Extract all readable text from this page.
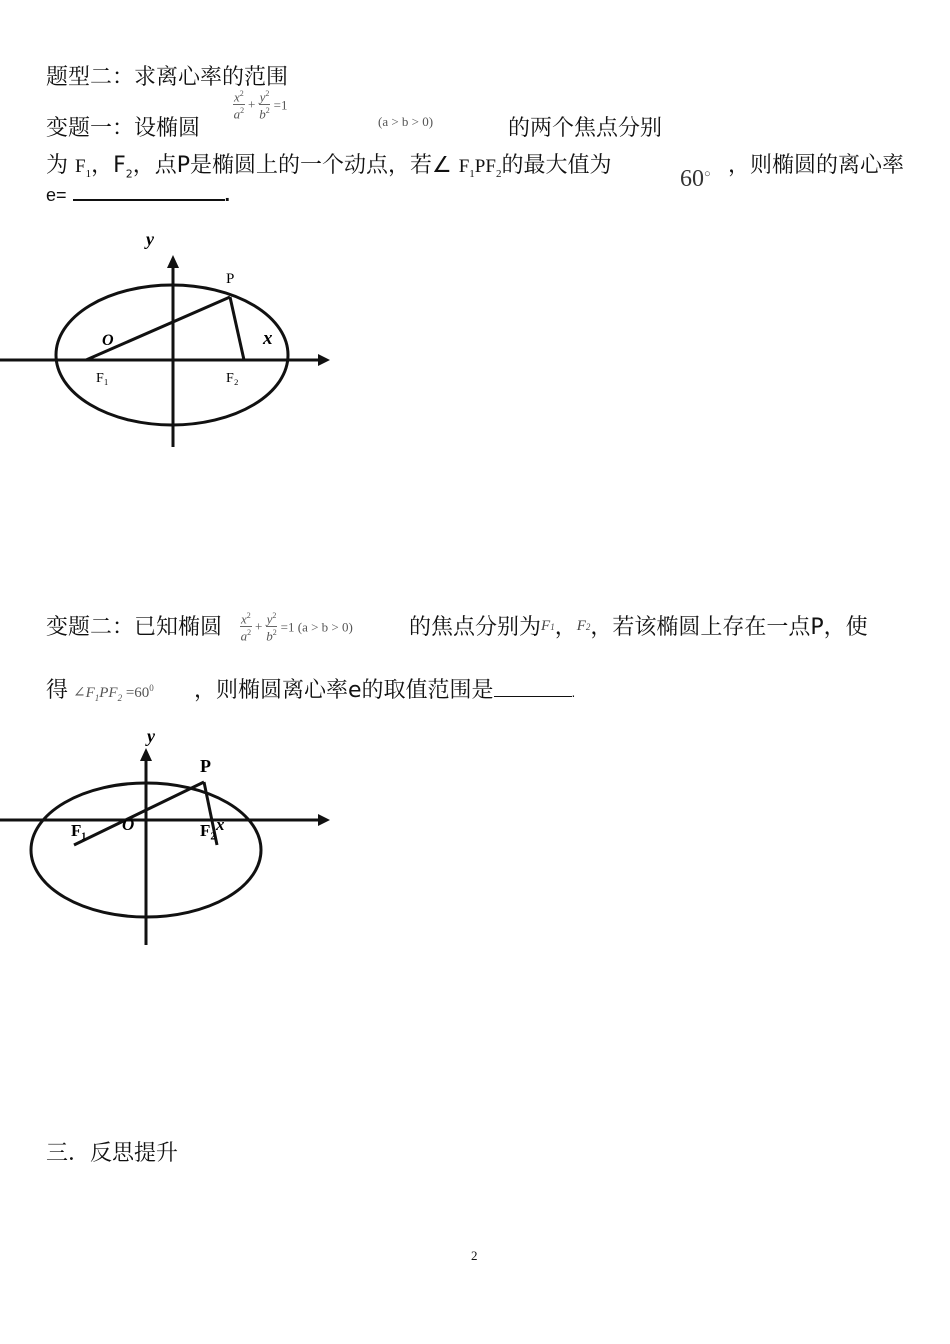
题型二：求离心率的范围
变题一：设椭圆
$\frac{x^2}{a^2} + \frac{y^2}{b^2} =1$
(a > b > 0)	的两个焦点分别
为 $F_1$，$F_2$，点P是椭圆上的一个动点，若∠ $F_1PF_2$的最大值为
60○ ，则椭圆的离心率
e=	.
y
P
O	x
F₁	F₂
变题二：已知椭圆 $\frac{x^2}{a^2} + \frac{y^2}{b^2} =1$ (a > b > 0)	的焦点分别为F1，F2，若该椭圆上存在一点P，使
得 $\angle F_1PF_2 =60^0$ ，则椭圆离心率e的取值范围是	.
y
P
O	x
F₁	F₂
三．反思提升
2
